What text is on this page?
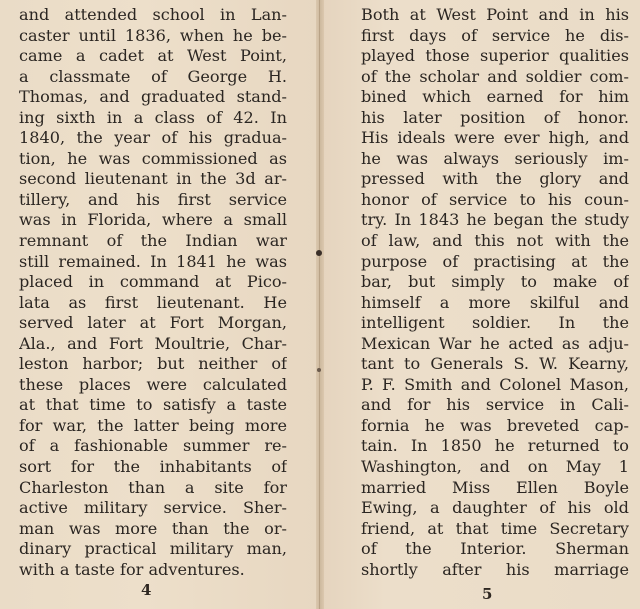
and attended school in Lan-
caster until 1836, when he be-
came a cadet at West Point,
a classmate of George H.
Thomas, and graduated stand-
ing sixth in a class of 42. In
1840, the year of his gradua-
tion, he was commissioned as
second lieutenant in the 3d ar-
tillery, and his first service
was in Florida, where a small
remnant of the Indian war
still remained. In 1841 he was
placed in command at Pico-
lata as first lieutenant. He
served later at Fort Morgan,
Ala., and Fort Moultrie, Char-
leston harbor; but neither of
these places were calculated
at that time to satisfy a taste
for war, the latter being more
of a fashionable summer re-
sort for the inhabitants of
Charleston than a site for
active military service. Sher-
man was more than the or-
dinary practical military man,
with a taste for adventures.
Both at West Point and in his
first days of service he dis-
played those superior qualities
of the scholar and soldier com-
bined which earned for him
his later position of honor.
His ideals were ever high, and
he was always seriously im-
pressed with the glory and
honor of service to his coun-
try. In 1843 he began the study
of law, and this not with the
purpose of practising at the
bar, but simply to make of
himself a more skilful and
intelligent soldier. In the
Mexican War he acted as adju-
tant to Generals S. W. Kearny,
P. F. Smith and Colonel Mason,
and for his service in Cali-
fornia he was breveted cap-
tain. In 1850 he returned to
Washington, and on May 1
married Miss Ellen Boyle
Ewing, a daughter of his old
friend, at that time Secretary
of the Interior. Sherman
shortly after his marriage
4	5
